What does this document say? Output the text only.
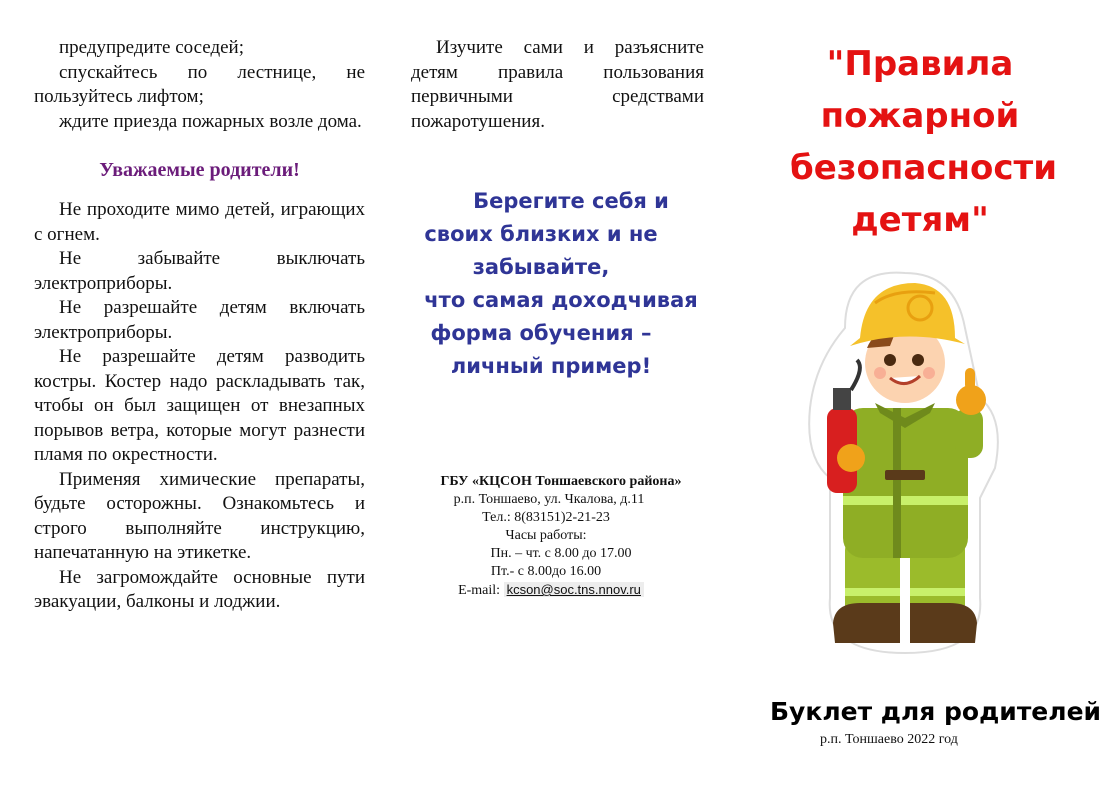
предупредите соседей;

спускайтесь по лестнице, не пользуйтесь лифтом;

ждите приезда пожарных возле дома.

Уважаемые родители!

Не проходите мимо детей, играющих с огнем.

Не забывайте выключать электроприборы.

Не разрешайте детям включать электроприборы.

Не разрешайте детям разводить костры. Костер надо раскладывать так, чтобы он был защищен от внезапных порывов ветра, которые могут разнести пламя по окрестности.

Применяя химические препараты, будьте осторожны. Ознакомьтесь и строго выполняйте инструкцию, напечатанную на этикетке.

Не загромождайте основные пути эвакуации, балконы и лоджии.

Изучите сами и разъясните детям правила пользования первичными средствами пожаротушения.

Берегите себя и
своих близких и не
забывайте,
что самая доходчивая
форма обучения –
личный пример!
ГБУ «КЦСОН Тоншаевского района»
р.п. Тоншаево, ул. Чкалова, д.11
Тел.: 8(83151)2-21-23
Часы работы:
Пн. – чт. с 8.00 до 17.00
Пт.- с 8.00до 16.00
E-mail: kcson@soc.tns.nnov.ru
"Правила
пожарной
безопасности
детям"
Буклет для родителей
р.п. Тоншаево 2022 год
